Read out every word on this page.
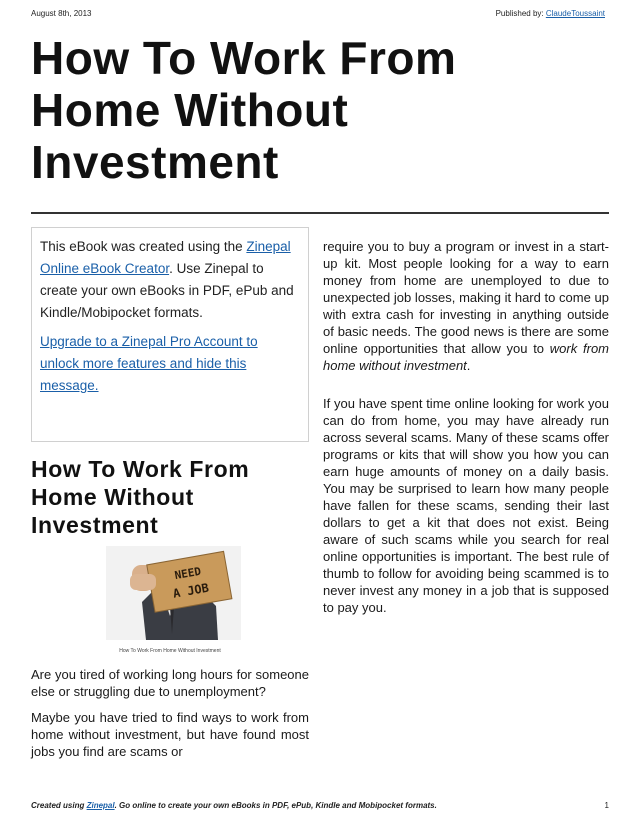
August 8th, 2013	Published by: ClaudeToussaint
How To Work From
Home Without
Investment

This eBook was created using the Zinepal Online eBook Creator. Use Zinepal to create your own eBooks in PDF, ePub and Kindle/Mobipocket formats.

Upgrade to a Zinepal Pro Account to unlock more features and hide this message.

How To Work From
Home Without
Investment
NEED
A JOB
How To Work From Home Without Investment

Are you tired of working long hours for someone else or struggling due to unemployment?

Maybe you have tried to find ways to work from home without investment, but have found most jobs you find are scams or

require you to buy a program or invest in a start-up kit. Most people looking for a way to earn money from home are unemployed to due to unexpected job losses, making it hard to come up with extra cash for investing in anything outside of basic needs. The good news is there are some online opportunities that allow you to work from home without investment.

If you have spent time online looking for work you can do from home, you may have already run across several scams. Many of these scams offer programs or kits that will show you how you can earn huge amounts of money on a daily basis. You may be surprised to learn how many people have fallen for these scams, sending their last dollars to get a kit that does not exist. Being aware of such scams while you search for real online opportunities is important. The best rule of thumb to follow for avoiding being scammed is to never invest any money in a job that is supposed to pay you.

Created using Zinepal. Go online to create your own eBooks in PDF, ePub, Kindle and Mobipocket formats.	1
